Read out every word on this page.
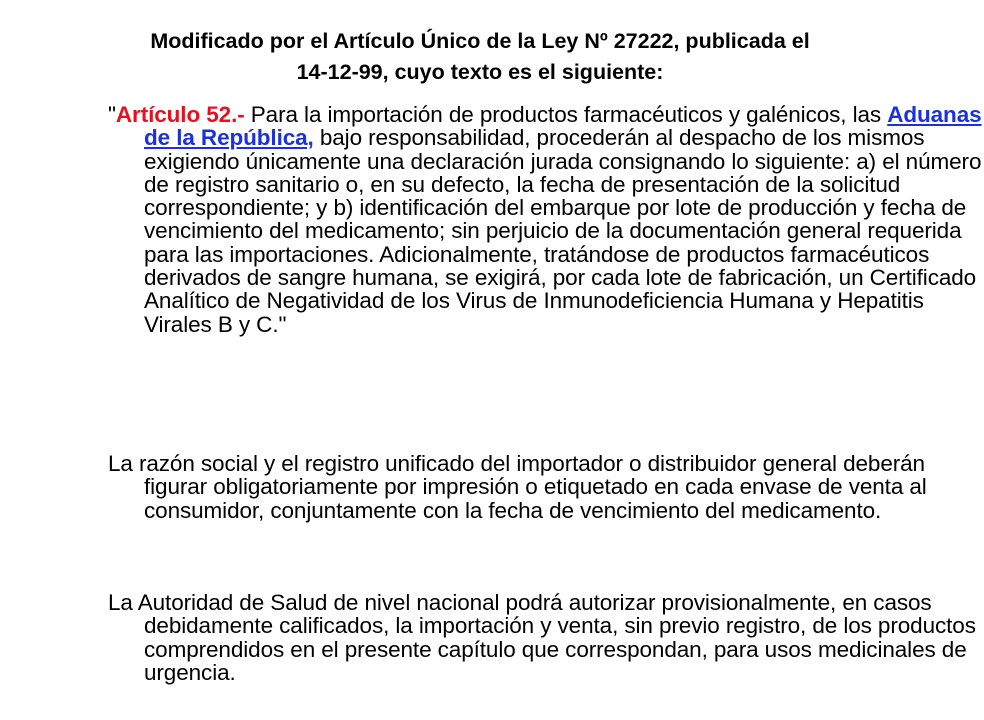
Modificado por el Artículo Único de la Ley Nº 27222, publicada el
14-12-99, cuyo texto es el siguiente:
"Artículo 52.- Para la importación de productos farmacéuticos y galénicos, las Aduanas de la República, bajo responsabilidad, procederán al despacho de los mismos exigiendo únicamente una declaración jurada consignando lo siguiente: a) el número de registro sanitario o, en su defecto, la fecha de presentación de la solicitud correspondiente; y b) identificación del embarque por lote de producción y fecha de vencimiento del medicamento; sin perjuicio de la documentación general requerida para las importaciones. Adicionalmente, tratándose de productos farmacéuticos derivados de sangre humana, se exigirá, por cada lote de fabricación, un Certificado Analítico de Negatividad de los Virus de Inmunodeficiencia Humana y Hepatitis Virales B y C."
La razón social y el registro unificado del importador o distribuidor general deberán figurar obligatoriamente por impresión o etiquetado en cada envase de venta al consumidor, conjuntamente con la fecha de vencimiento del medicamento.
La Autoridad de Salud de nivel nacional podrá autorizar provisionalmente, en casos debidamente calificados, la importación y venta, sin previo registro, de los productos comprendidos en el presente capítulo que correspondan, para usos medicinales de urgencia.
